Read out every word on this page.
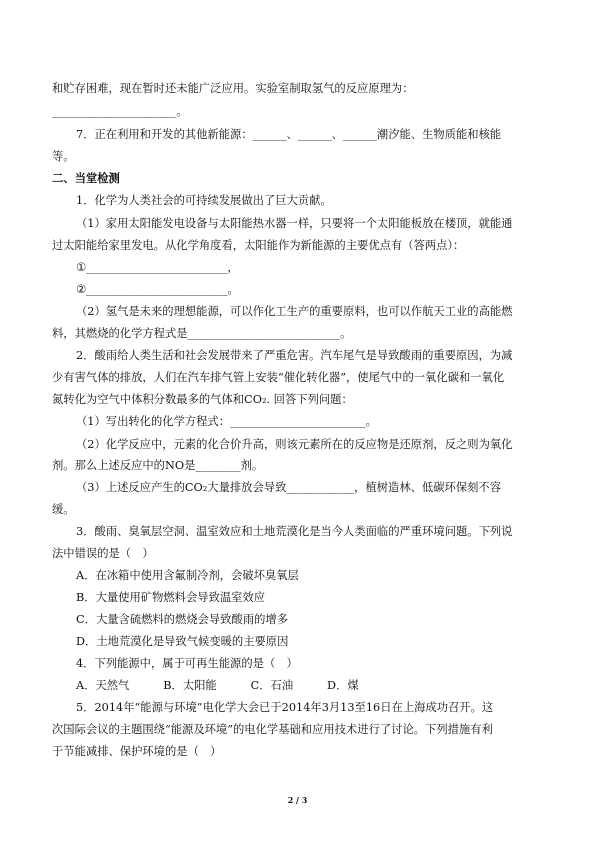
和贮存困难，现在暂时还未能广泛应用。实验室制取氢气的反应原理为：
______________________。
7．正在利用和开发的其他新能源：______、______、______潮汐能、生物质能和核能
等。
二、当堂检测
1．化学为人类社会的可持续发展做出了巨大贡献。
（1）家用太阳能发电设备与太阳能热水器一样，只要将一个太阳能板放在楼顶，就能通
过太阳能给家里发电。从化学角度看，太阳能作为新能源的主要优点有（答两点）：
①_________________________，
②_________________________。
（2）氢气是未来的理想能源，可以作化工生产的重要原料，也可以作航天工业的高能燃
料，其燃烧的化学方程式是___________________________。
2．酸雨给人类生活和社会发展带来了严重危害。汽车尾气是导致酸雨的重要原因，为减
少有害气体的排放，人们在汽车排气管上安装“催化转化器”，使尾气中的一氧化碳和一氧化
氮转化为空气中体积分数最多的气体和CO₂. 回答下列问题：
（1）写出转化的化学方程式：________________________。
（2）化学反应中，元素的化合价升高，则该元素所在的反应物是还原剂，反之则为氧化
剂。那么上述反应中的NO是________剂。
（3）上述反应产生的CO₂大量排放会导致____________，植树造林、低碳环保刻不容
缓。
3．酸雨、臭氧层空洞、温室效应和土地荒漠化是当今人类面临的严重环境问题。下列说
法中错误的是（　）
A．在冰箱中使用含氟制冷剂，会破坏臭氧层
B．大量使用矿物燃料会导致温室效应
C．大量含硫燃料的燃烧会导致酸雨的增多
D．土地荒漠化是导致气候变暖的主要原因
4．下列能源中，属于可再生能源的是（　）
A．天然气　　　B．太阳能　　　C．石油　　　D．煤
5．2014年“能源与环境”电化学大会已于2014年3月13至16日在上海成功召开。这
次国际会议的主题围绕“能源及环境”的电化学基础和应用技术进行了讨论。下列措施有利
于节能减排、保护环境的是（　）
2 / 3
